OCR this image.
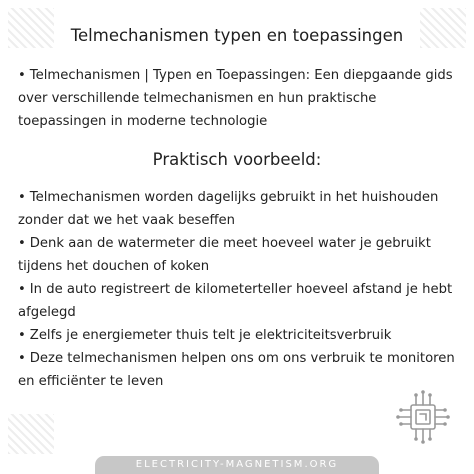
Telmechanismen typen en toepassingen

• Telmechanismen | Typen en Toepassingen: Een diepgaande gids over verschillende telmechanismen en hun praktische toepassingen in moderne technologie

Praktisch voorbeeld:
• Telmechanismen worden dagelijks gebruikt in het huishouden zonder dat we het vaak beseffen
• Denk aan de watermeter die meet hoeveel water je gebruikt tijdens het douchen of koken
• In de auto registreert de kilometerteller hoeveel afstand je hebt afgelegd
• Zelfs je energiemeter thuis telt je elektriciteitsverbruik
• Deze telmechanismen helpen ons om ons verbruik te monitoren en efficiënter te leven
ELECTRICITY-MAGNETISM.ORG
